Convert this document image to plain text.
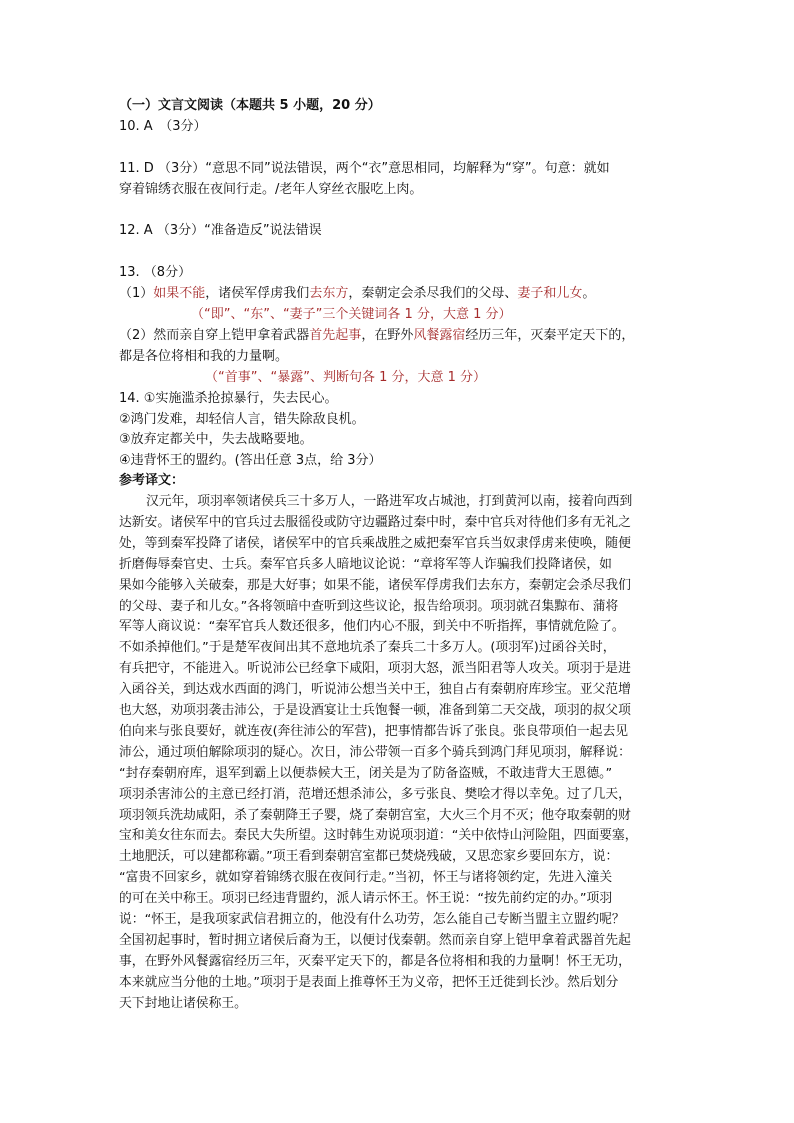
（一）文言文阅读（本题共 5 小题，20 分）
10. A　（3分）
11. D （3分）“意思不同”说法错误，两个“衣”意思相同，均解释为“穿”。句意：就如
穿着锦绣衣服在夜间行走。/老年人穿丝衣服吃上肉。
12. A （3分）“准备造反”说法错误
13. （8分）
（1）如果不能，诸侯军俘虏我们去东方，秦朝定会杀尽我们的父母、妻子和儿女。
（“即”、“东”、“妻子”三个关键词各 1 分，大意 1 分）
（2）然而亲自穿上铠甲拿着武器首先起事，在野外风餐露宿经历三年，灭秦平定天下的，
都是各位将相和我的力量啊。
（“首事”、“暴露”、判断句各 1 分，大意 1 分）
14. ①实施滥杀抢掠暴行，失去民心。
②鸿门发难，却轻信人言，错失除敌良机。
③放弃定都关中，失去战略要地。
④违背怀王的盟约。(答出任意 3点，给 3分）
参考译文：
汉元年，项羽率领诸侯兵三十多万人，一路进军攻占城池，打到黄河以南，接着向西到
达新安。诸侯军中的官兵过去服徭役或防守边疆路过秦中时，秦中官兵对待他们多有无礼之
处，等到秦军投降了诸侯，诸侯军中的官兵乘战胜之威把秦军官兵当奴隶俘虏来使唤，随便
折磨侮辱秦官史、士兵。秦军官兵多人暗地议论说：“章将军等人诈骗我们投降诸侯，如
果如今能够入关破秦，那是大好事；如果不能，诸侯军俘虏我们去东方，秦朝定会杀尽我们
的父母、妻子和儿女。”各将领暗中查听到这些议论，报告给项羽。项羽就召集黥布、蒲将
军等人商议说：“秦军官兵人数还很多，他们内心不服，到关中不听指挥，事情就危险了。
不如杀掉他们。”于是楚军夜间出其不意地坑杀了秦兵二十多万人。(项羽军)过函谷关时，
有兵把守，不能进入。听说沛公已经拿下咸阳，项羽大怒，派当阳君等人攻关。项羽于是进
入函谷关，到达戏水西面的鸿门，听说沛公想当关中王，独自占有秦朝府库珍宝。亚父范增
也大怒，劝项羽袭击沛公，于是设酒宴让士兵饱餐一顿，准备到第二天交战，项羽的叔父项
伯向来与张良要好，就连夜(奔往沛公的军营)，把事情都告诉了张良。张良带项伯一起去见
沛公，通过项伯解除项羽的疑心。次日，沛公带领一百多个骑兵到鸿门拜见项羽，解释说：
“封存秦朝府库，退军到霸上以便恭候大王，闭关是为了防备盗贼，不敢违背大王恩德。”
项羽杀害沛公的主意已经打消，范增还想杀沛公，多亏张良、樊哙才得以幸免。过了几天，
项羽领兵洗劫咸阳，杀了秦朝降王子婴，烧了秦朝宫室，大火三个月不灭；他夺取秦朝的财
宝和美女往东而去。秦民大失所望。这时韩生劝说项羽道：“关中依恃山河险阻，四面要塞，
土地肥沃，可以建都称霸。”项王看到秦朝宫室都已焚烧残破，又思恋家乡要回东方，说：
“富贵不回家乡，就如穿着锦绣衣服在夜间行走。”当初，怀王与诸将领约定，先进入潼关
的可在关中称王。项羽已经违背盟约，派人请示怀王。怀王说：“按先前约定的办。”项羽
说：“怀王，是我项家武信君拥立的，他没有什么功劳，怎么能自己专断当盟主立盟约呢？
全国初起事时，暂时拥立诸侯后裔为王，以便讨伐秦朝。然而亲自穿上铠甲拿着武器首先起
事，在野外风餐露宿经历三年，灭秦平定天下的，都是各位将相和我的力量啊！怀王无功，
本来就应当分他的土地。”项羽于是表面上推尊怀王为义帝，把怀王迁徙到长沙。然后划分
天下封地让诸侯称王。
